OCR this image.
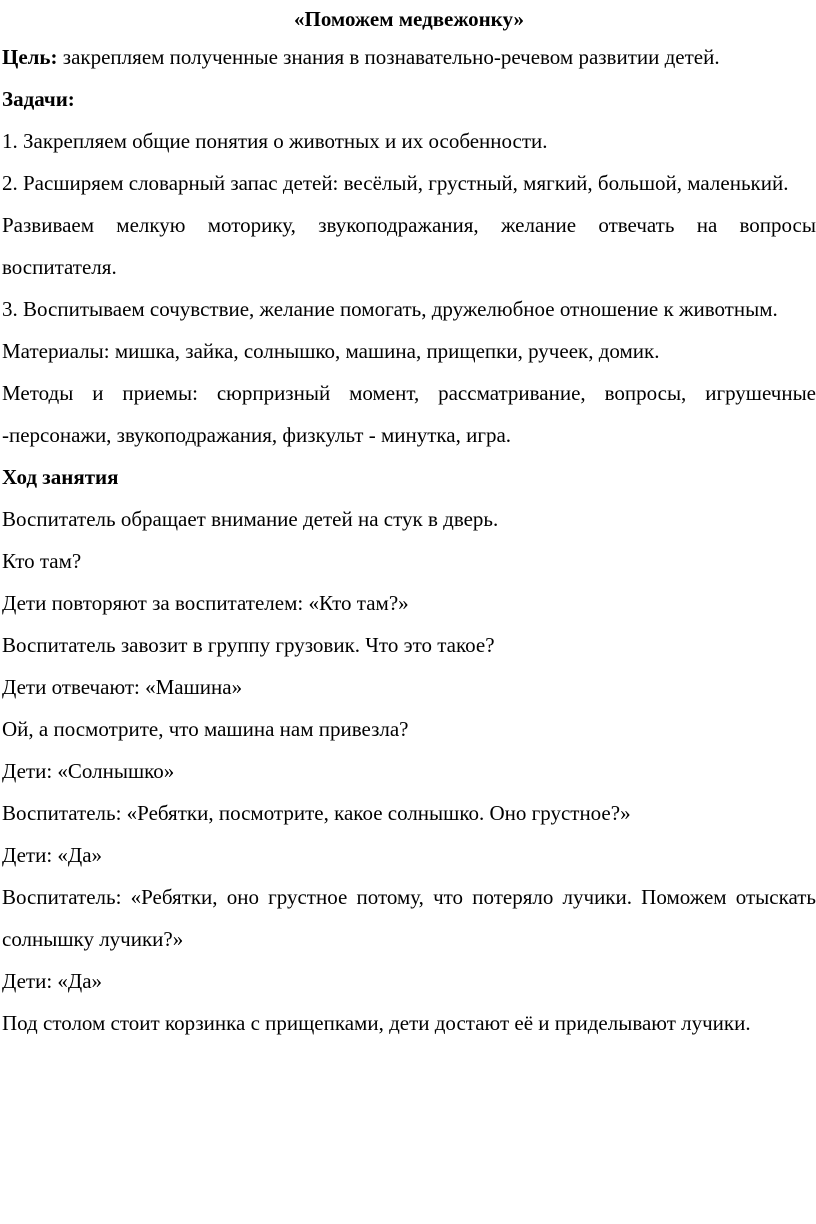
«Поможем медвежонку»

Цель: закрепляем полученные знания в познавательно-речевом развитии детей.

Задачи:

1. Закрепляем общие понятия о животных и их особенности.

2. Расширяем словарный запас детей: весёлый, грустный, мягкий, большой, маленький.

Развиваем мелкую моторику, звукоподражания, желание отвечать на вопросы воспитателя.

3. Воспитываем сочувствие, желание помогать, дружелюбное отношение к животным.

Материалы: мишка, зайка, солнышко, машина, прищепки, ручеек, домик.

Методы и приемы: сюрпризный момент, рассматривание, вопросы, игрушечные -персонажи, звукоподражания, физкульт - минутка, игра.

Ход занятия

Воспитатель обращает внимание детей на стук в дверь.

Кто там?

Дети повторяют за воспитателем: «Кто там?»

Воспитатель завозит в группу грузовик. Что это такое?

Дети отвечают: «Машина»

Ой, а посмотрите, что машина нам привезла?

Дети: «Солнышко»

Воспитатель: «Ребятки, посмотрите, какое солнышко. Оно грустное?»

Дети: «Да»

Воспитатель: «Ребятки, оно грустное потому, что потеряло лучики. Поможем отыскать солнышку лучики?»

Дети: «Да»

Под столом стоит корзинка с прищепками, дети достают её и приделывают лучики.
